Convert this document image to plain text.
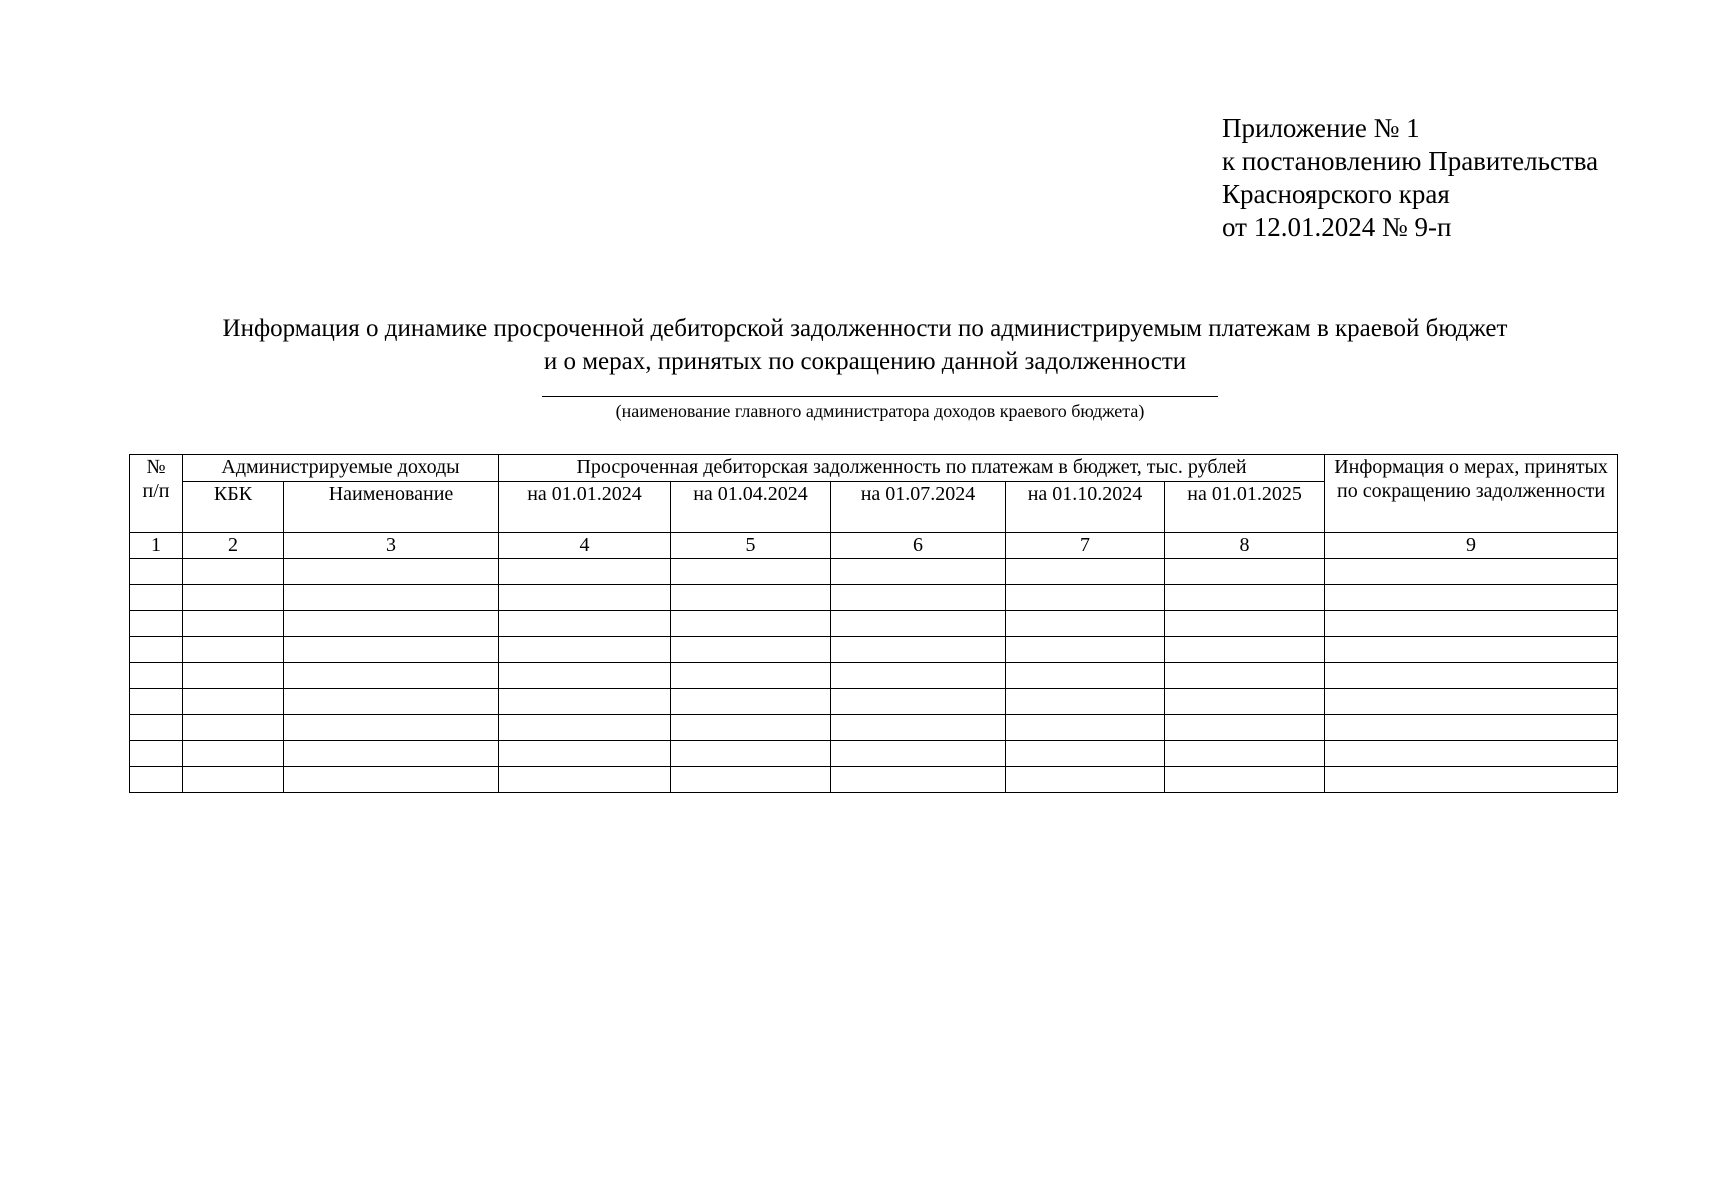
Приложение № 1
к постановлению Правительства
Красноярского края
от 12.01.2024 № 9-п
Информация о динамике просроченной дебиторской задолженности по администрируемым платежам в краевой бюджет
и о мерах, принятых по сокращению данной задолженности
(наименование главного администратора доходов краевого бюджета)
№
п/п	Администрируемые доходы		Просроченная дебиторская задолженность по платежам в бюджет, тыс. рублей					Информация о мерах, принятых по сокращению задолженности
	КБК	Наименование	на 01.01.2024	на 01.04.2024	на 01.07.2024	на 01.10.2024	на 01.01.2025	
1	2	3	4	5	6	7	8	9
